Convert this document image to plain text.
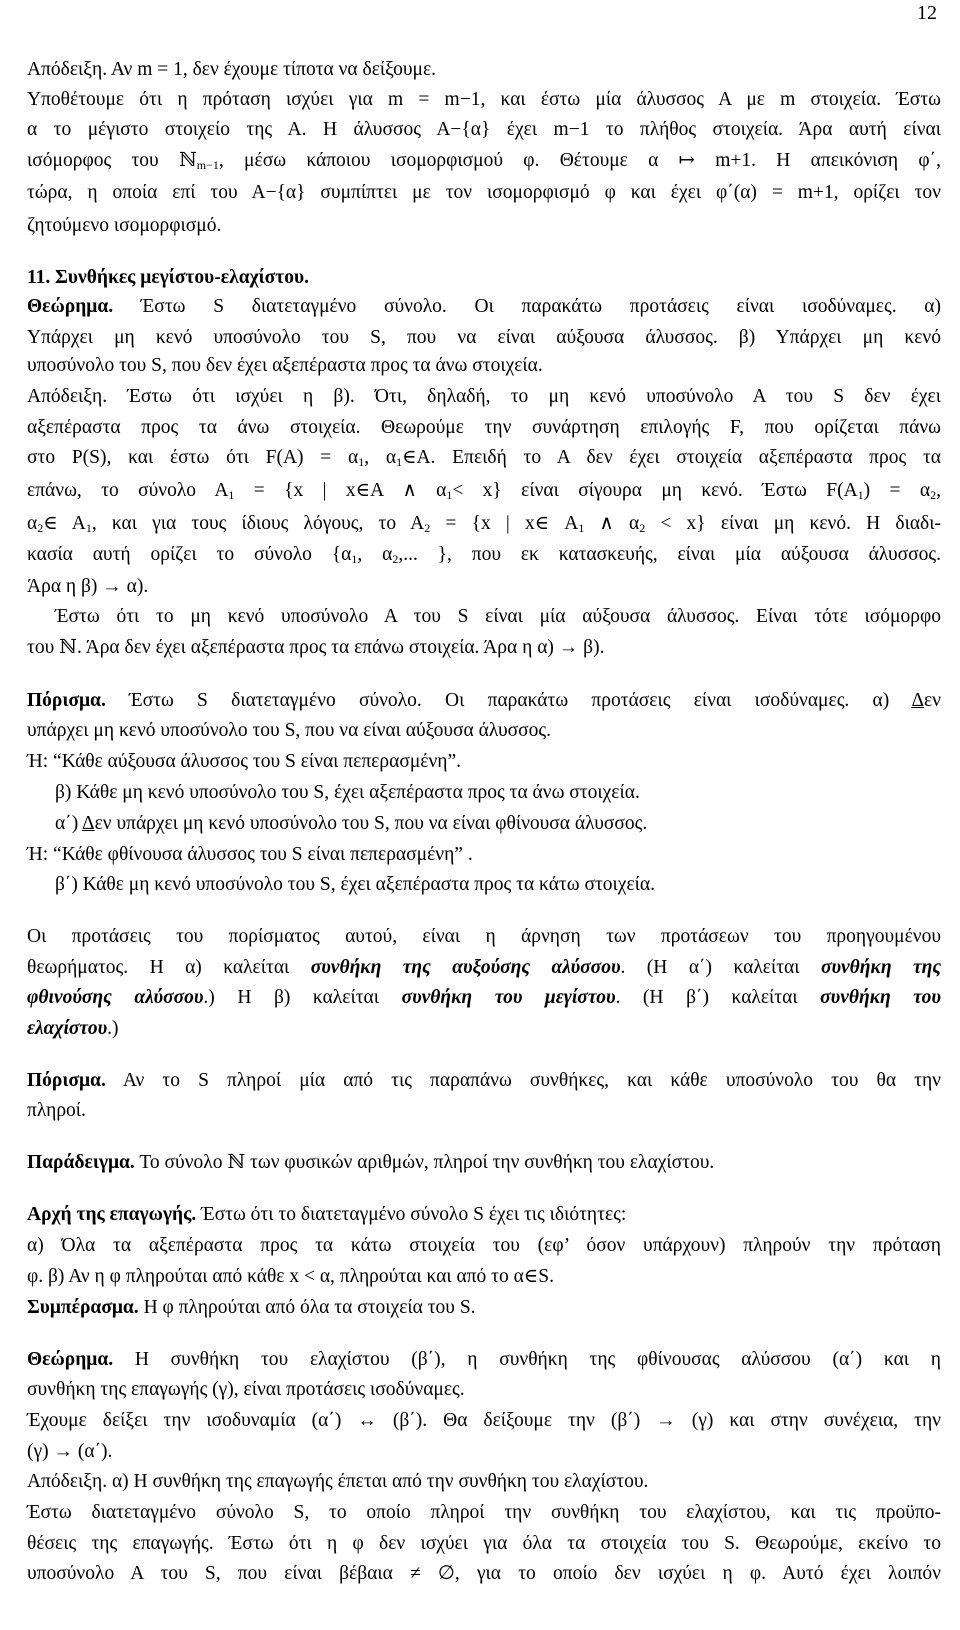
12
Απόδειξη. Αν m = 1, δεν έχουμε τίποτα να δείξουμε.
Υποθέτουμε ότι η πρόταση ισχύει για m = m−1, και έστω μία άλυσσος Α με m στοιχεία. Έστω
α το μέγιστο στοιχείο της Α. Η άλυσσος Α−{α} έχει m−1 το πλήθος στοιχεία. Άρα αυτή είναι
ισόμορφος του ℕ$_{m-1}$, μέσω κάποιου ισομορφισμού φ. Θέτουμε α ↦ m+1. Η απεικόνιση φ΄,
τώρα, η οποία επί του Α−{α} συμπίπτει με τον ισομορφισμό φ και έχει φ΄(α) = m+1, ορίζει τον
ζητούμενο ισομορφισμό.
11. Συνθήκες μεγίστου-ελαχίστου.
Θεώρημα. Έστω S διατεταγμένο σύνολο. Οι παρακάτω προτάσεις είναι ισοδύναμες. α)
Υπάρχει μη κενό υποσύνολο του S, που να είναι αύξουσα άλυσσος. β) Υπάρχει μη κενό
υποσύνολο του S, που δεν έχει αξεπέραστα προς τα άνω στοιχεία.
Απόδειξη. Έστω ότι ισχύει η β). Ότι, δηλαδή, το μη κενό υποσύνολο Α του S δεν έχει
αξεπέραστα προς τα άνω στοιχεία. Θεωρούμε την συνάρτηση επιλογής F, που ορίζεται πάνω
στο P(S), και έστω ότι $F(A) = \alpha_1$, $\alpha_1\in A$. Επειδή το Α δεν έχει στοιχεία αξεπέραστα προς τα
επάνω, το σύνολο $A_1 = \{x$ | x∈A ∧ $\alpha_1< x$} είναι σίγουρα μη κενό. Έστω $F(A_1) = \alpha_2$,
$\alpha_2\in$ $A_1$, και για τους ίδιους λόγους, το $A_2 = \{x$ | x∈ $A_1$ ∧ $\alpha_2 < x$} είναι μη κενό. Η διαδι-
κασία αυτή ορίζει το σύνολο {$\alpha_1$, $\alpha_2$,... }, που εκ κατασκευής, είναι μία αύξουσα άλυσσος.
Άρα η β) → α).
Έστω ότι το μη κενό υποσύνολο Α του S είναι μία αύξουσα άλυσσος. Είναι τότε ισόμορφο
του ℕ. Άρα δεν έχει αξεπέραστα προς τα επάνω στοιχεία. Άρα η α) → β).
Πόρισμα. Έστω S διατεταγμένο σύνολο. Οι παρακάτω προτάσεις είναι ισοδύναμες. α) Δεν
υπάρχει μη κενό υποσύνολο του S, που να είναι αύξουσα άλυσσος.
Ή: “Κάθε αύξουσα άλυσσος του S είναι πεπερασμένη”.
β) Κάθε μη κενό υποσύνολο του S, έχει αξεπέραστα προς τα άνω στοιχεία.
α΄) Δεν υπάρχει μη κενό υποσύνολο του S, που να είναι φθίνουσα άλυσσος.
Ή: “Κάθε φθίνουσα άλυσσος του S είναι πεπερασμένη” .
β΄) Κάθε μη κενό υποσύνολο του S, έχει αξεπέραστα προς τα κάτω στοιχεία.
Οι προτάσεις του πορίσματος αυτού, είναι η άρνηση των προτάσεων του προηγουμένου
θεωρήματος. Η α) καλείται συνθήκη της αυξούσης αλύσσου. (Η α΄) καλείται συνθήκη της
φθινούσης αλύσσου.) Η β) καλείται συνθήκη του μεγίστου. (Η β΄) καλείται συνθήκη του
ελαχίστου.)
Πόρισμα. Αν το S πληροί μία από τις παραπάνω συνθήκες, και κάθε υποσύνολο του θα την
πληροί.
Παράδειγμα. Το σύνολο ℕ των φυσικών αριθμών, πληροί την συνθήκη του ελαχίστου.
Αρχή της επαγωγής. Έστω ότι το διατεταγμένο σύνολο S έχει τις ιδιότητες:
α) Όλα τα αξεπέραστα προς τα κάτω στοιχεία του (εφ’ όσον υπάρχουν) πληρούν την πρόταση
φ. β) Αν η φ πληρούται από κάθε x < α, πληρούται και από το α∈S.
Συμπέρασμα. Η φ πληρούται από όλα τα στοιχεία του S.
Θεώρημα. Η συνθήκη του ελαχίστου (β΄), η συνθήκη της φθίνουσας αλύσσου (α΄) και η
συνθήκη της επαγωγής (γ), είναι προτάσεις ισοδύναμες.
Έχουμε δείξει την ισοδυναμία (α΄) ↔ (β΄). Θα δείξουμε την (β΄) → (γ) και στην συνέχεια, την
(γ) → (α΄).
Απόδειξη. α) Η συνθήκη της επαγωγής έπεται από την συνθήκη του ελαχίστου.
Έστω διατεταγμένο σύνολο S, το οποίο πληροί την συνθήκη του ελαχίστου, και τις προϋπο-
θέσεις της επαγωγής. Έστω ότι η φ δεν ισχύει για όλα τα στοιχεία του S. Θεωρούμε, εκείνο το
υποσύνολο Α του S, που είναι βέβαια ≠ ∅, για το οποίο δεν ισχύει η φ. Αυτό έχει λοιπόν
